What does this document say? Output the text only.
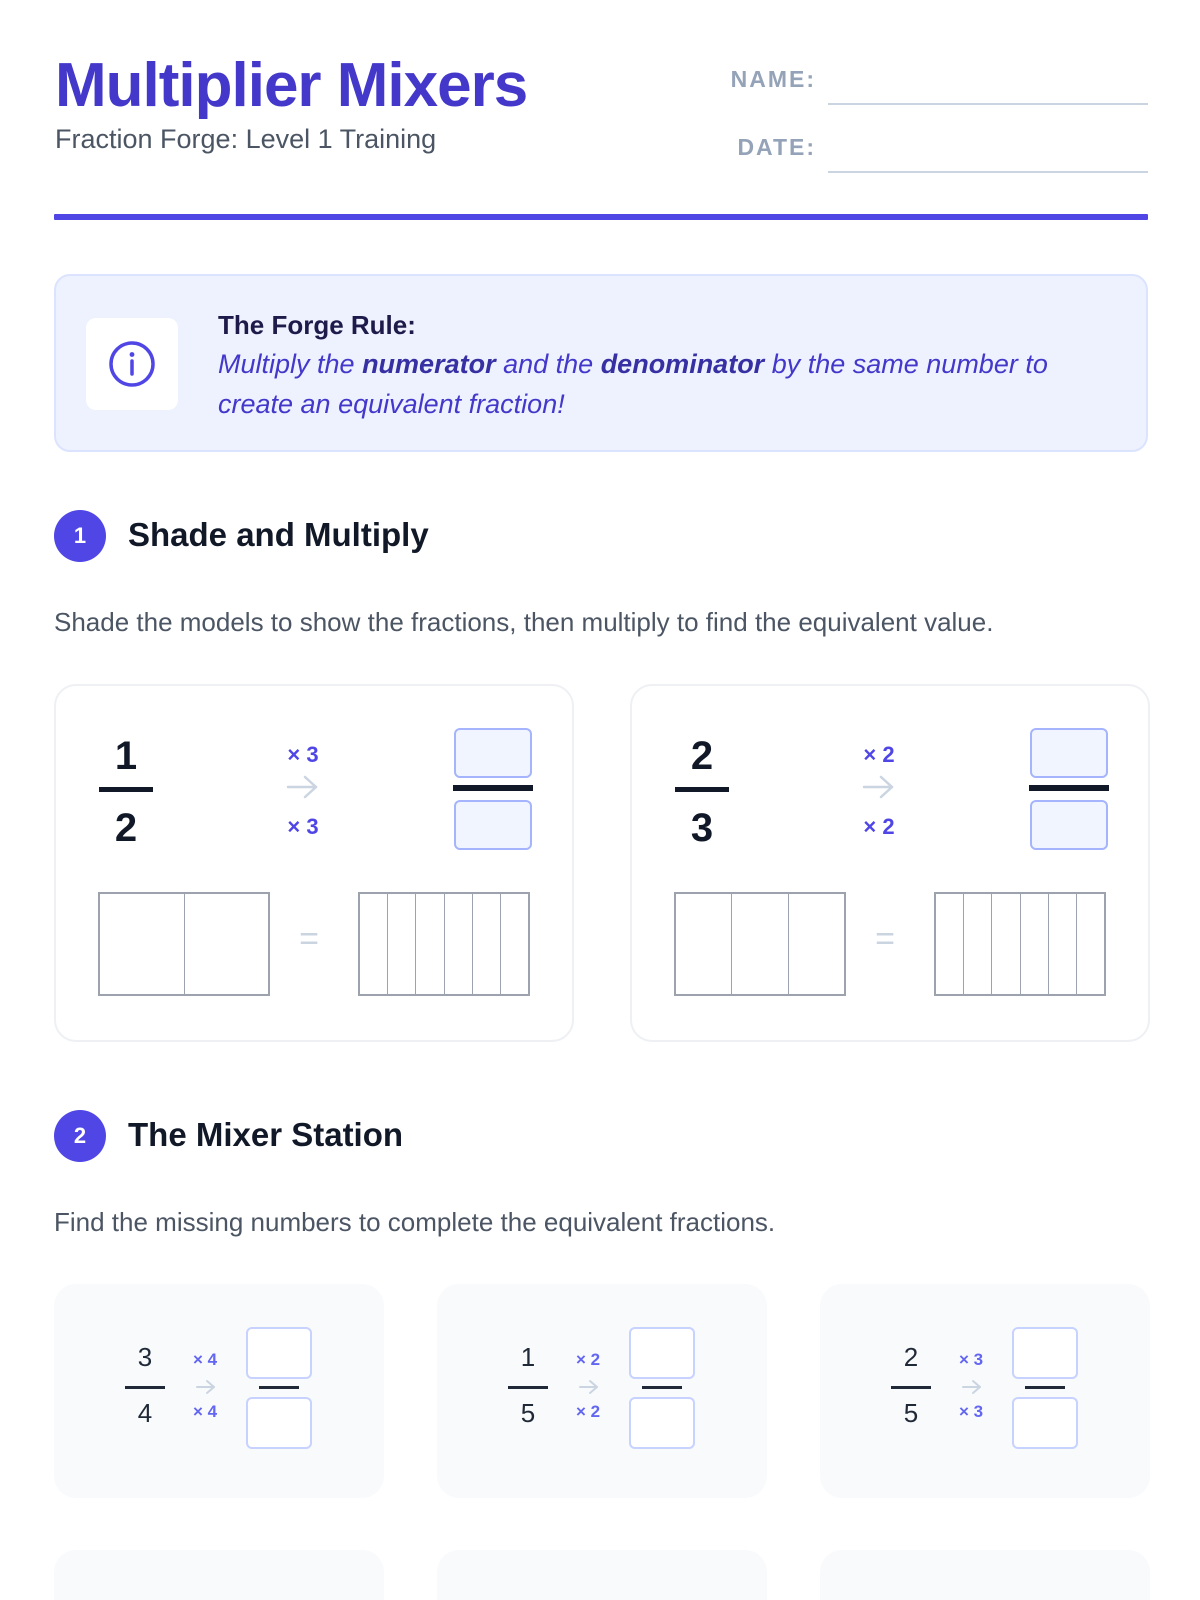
Multiplier Mixers
Fraction Forge: Level 1 Training
NAME:
DATE:
The Forge Rule:
Multiply the numerator and the denominator by the same number to create an equivalent fraction!
1	Shade and Multiply
Shade the models to show the fractions, then multiply to find the equivalent value.
1
2
× 3
× 3
=
2
3
× 2
× 2
=
2	The Mixer Station
Find the missing numbers to complete the equivalent fractions.
3
4
× 4
× 4
1
5
× 2
× 2
2
5
× 3
× 3
